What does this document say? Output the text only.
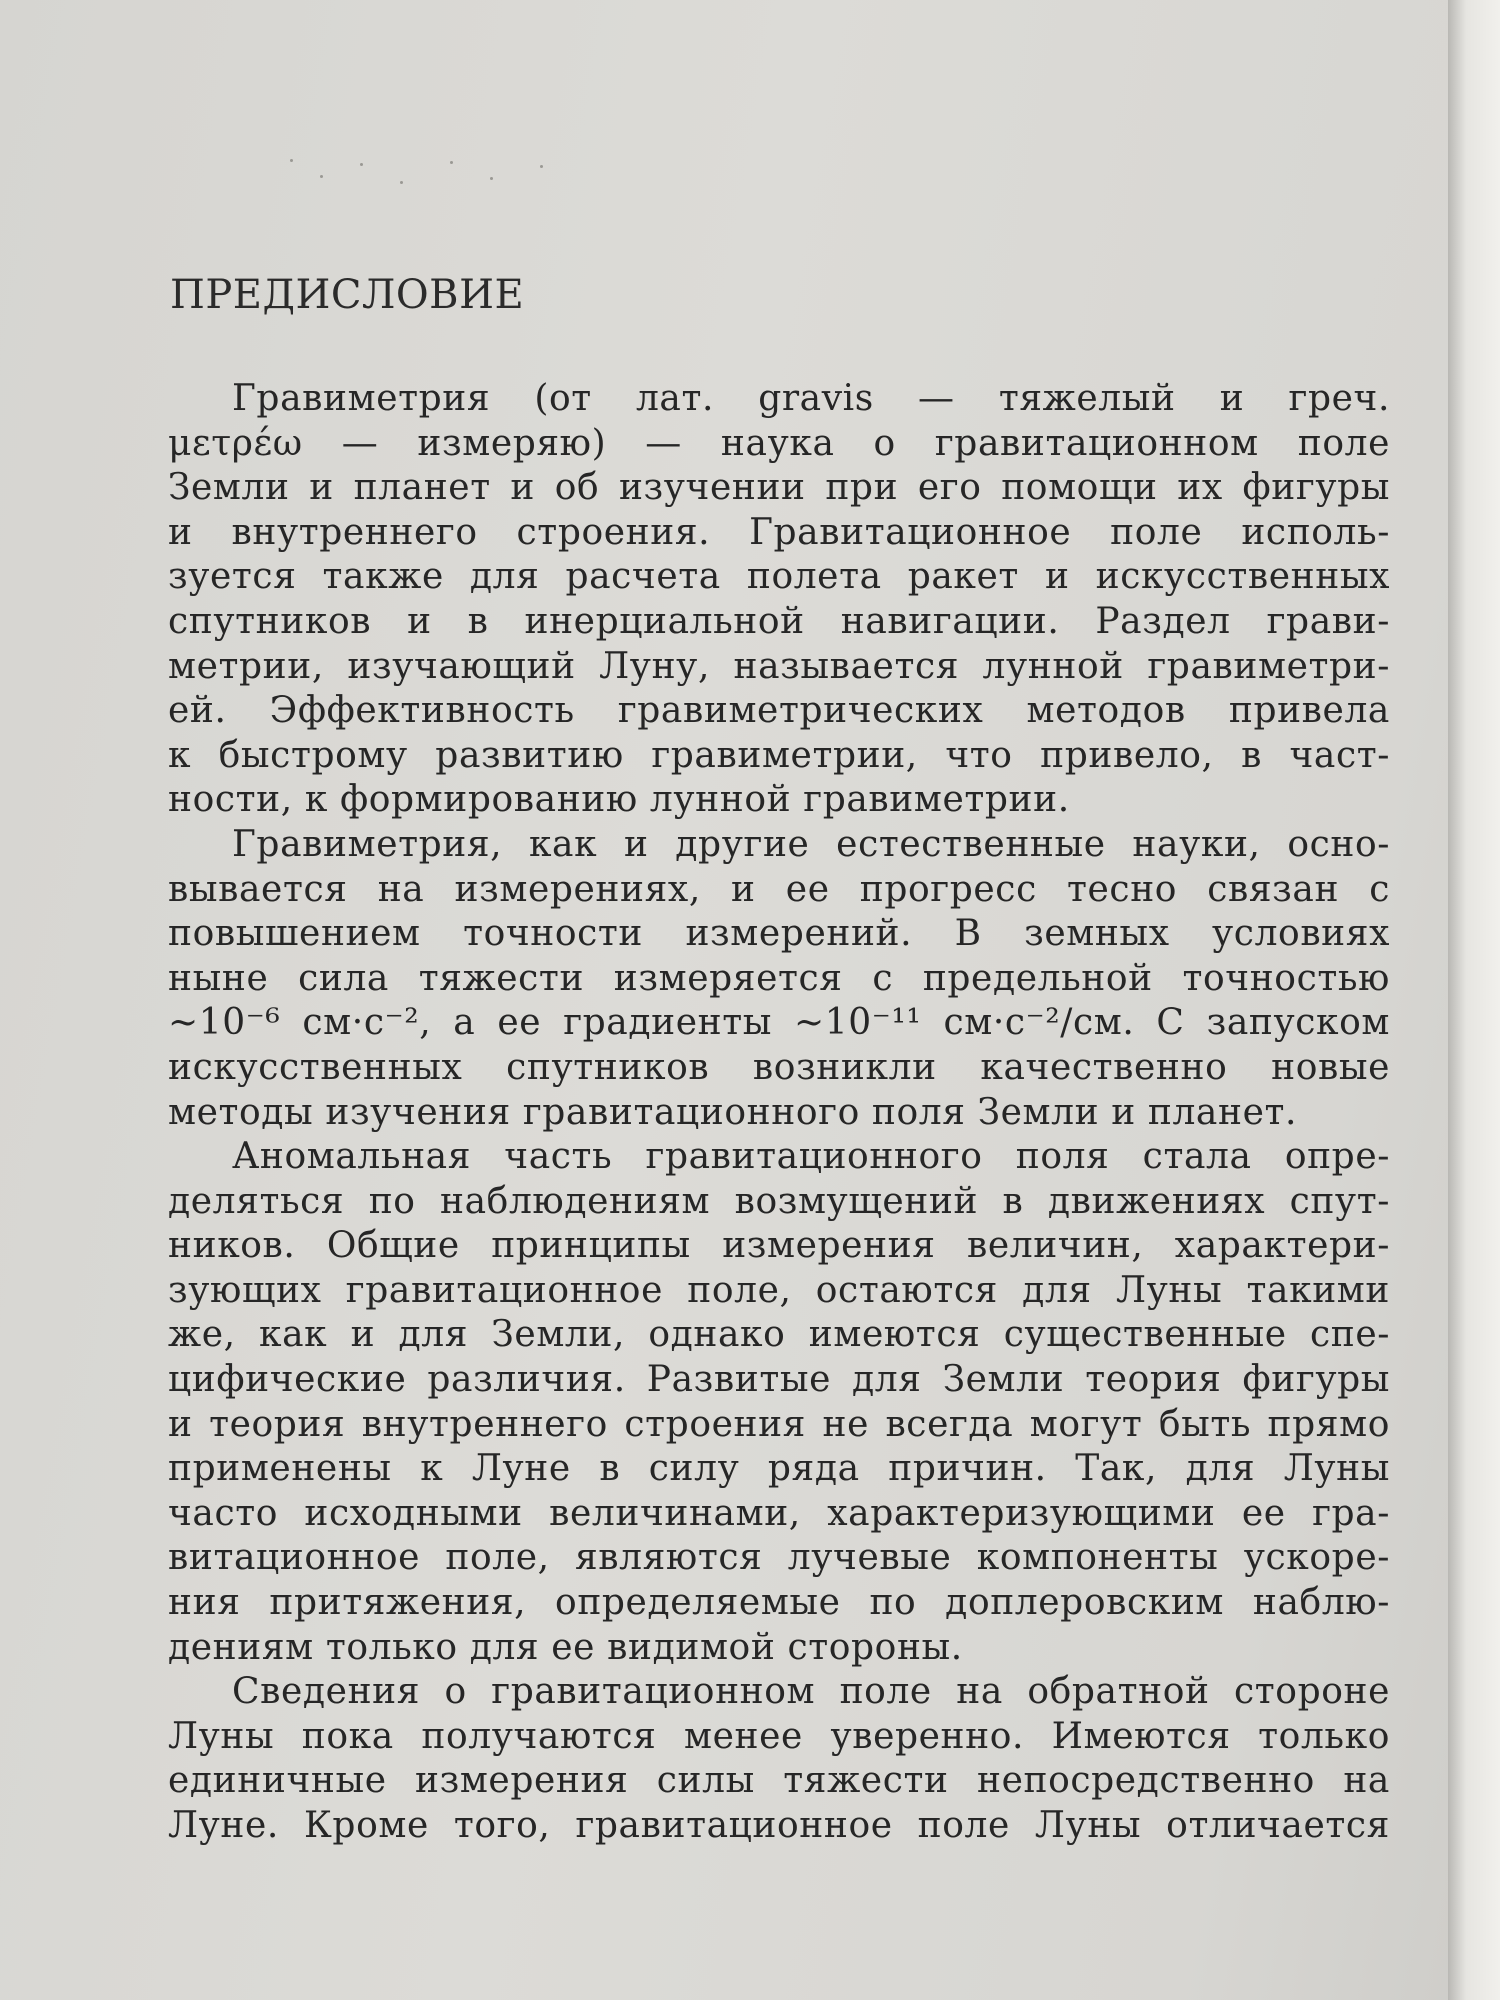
ПРЕДИСЛОВИЕ
Гравиметрия (от лат. gravis — тяжелый и греч.
μετρέω — измеряю) — наука о гравитационном поле
Земли и планет и об изучении при его помощи их фигуры
и внутреннего строения. Гравитационное поле исполь-
зуется также для расчета полета ракет и искусственных
спутников и в инерциальной навигации. Раздел грави-
метрии, изучающий Луну, называется лунной гравиметри-
ей. Эффективность гравиметрических методов привела
к быстрому развитию гравиметрии, что привело, в част-
ности, к формированию лунной гравиметрии.
Гравиметрия, как и другие естественные науки, осно-
вывается на измерениях, и ее прогресс тесно связан с
повышением точности измерений. В земных условиях
ныне сила тяжести измеряется с предельной точностью
~10⁻⁶ см·с⁻², а ее градиенты ~10⁻¹¹ см·с⁻²/см. С запуском
искусственных спутников возникли качественно новые
методы изучения гравитационного поля Земли и планет.
Аномальная часть гравитационного поля стала опре-
деляться по наблюдениям возмущений в движениях спут-
ников. Общие принципы измерения величин, характери-
зующих гравитационное поле, остаются для Луны такими
же, как и для Земли, однако имеются существенные спе-
цифические различия. Развитые для Земли теория фигуры
и теория внутреннего строения не всегда могут быть прямо
применены к Луне в силу ряда причин. Так, для Луны
часто исходными величинами, характеризующими ее гра-
витационное поле, являются лучевые компоненты ускоре-
ния притяжения, определяемые по доплеровским наблю-
дениям только для ее видимой стороны.
Сведения о гравитационном поле на обратной стороне
Луны пока получаются менее уверенно. Имеются только
единичные измерения силы тяжести непосредственно на
Луне. Кроме того, гравитационное поле Луны отличается
